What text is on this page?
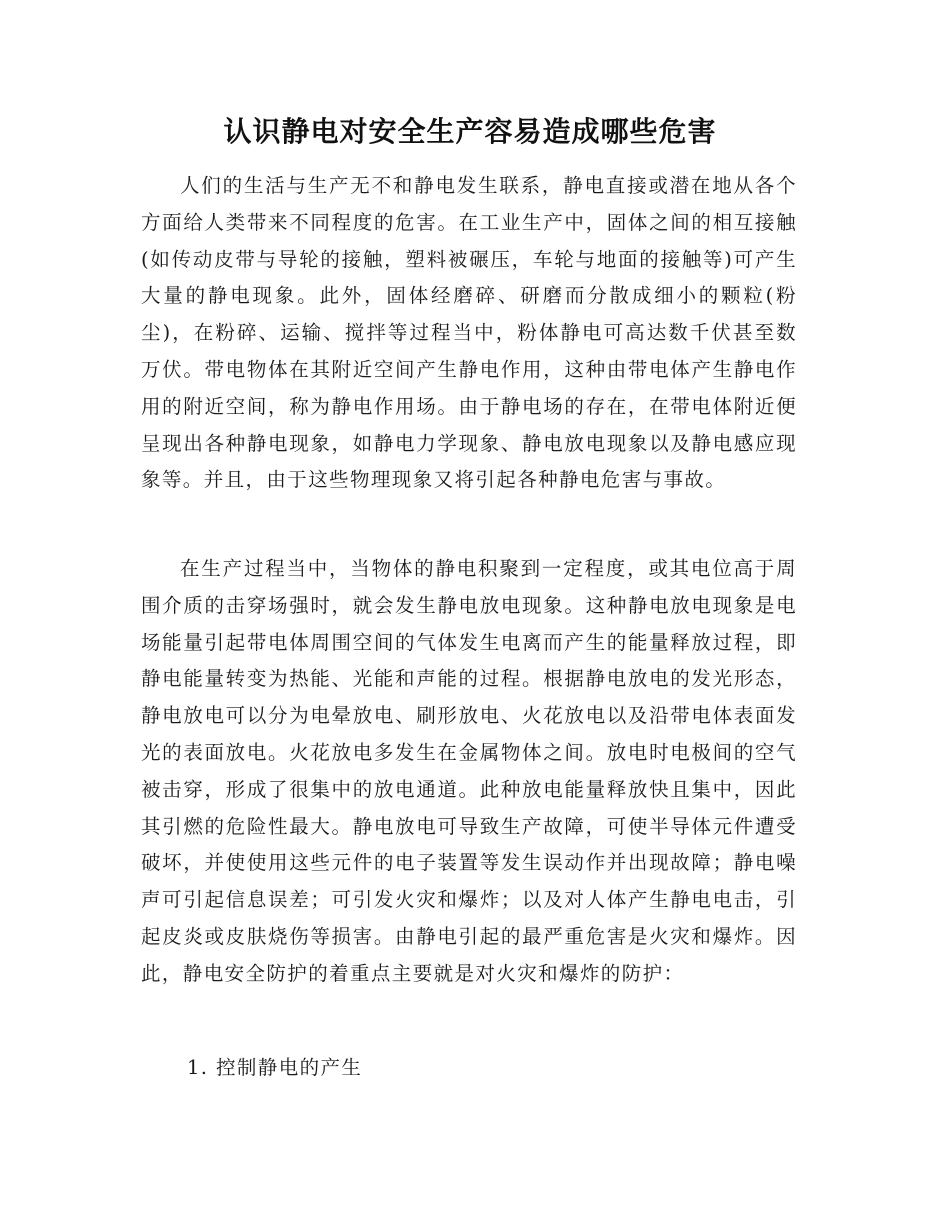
认识静电对安全生产容易造成哪些危害

人们的生活与生产无不和静电发生联系，静电直接或潜在地从各个方面给人类带来不同程度的危害。在工业生产中，固体之间的相互接触(如传动皮带与导轮的接触，塑料被碾压，车轮与地面的接触等)可产生大量的静电现象。此外，固体经磨碎、研磨而分散成细小的颗粒(粉尘)，在粉碎、运输、搅拌等过程当中，粉体静电可高达数千伏甚至数万伏。带电物体在其附近空间产生静电作用，这种由带电体产生静电作用的附近空间，称为静电作用场。由于静电场的存在，在带电体附近便呈现出各种静电现象，如静电力学现象、静电放电现象以及静电感应现象等。并且，由于这些物理现象又将引起各种静电危害与事故。

在生产过程当中，当物体的静电积聚到一定程度，或其电位高于周围介质的击穿场强时，就会发生静电放电现象。这种静电放电现象是电场能量引起带电体周围空间的气体发生电离而产生的能量释放过程，即静电能量转变为热能、光能和声能的过程。根据静电放电的发光形态，静电放电可以分为电晕放电、刷形放电、火花放电以及沿带电体表面发光的表面放电。火花放电多发生在金属物体之间。放电时电极间的空气被击穿，形成了很集中的放电通道。此种放电能量释放快且集中，因此其引燃的危险性最大。静电放电可导致生产故障，可使半导体元件遭受破坏，并使使用这些元件的电子装置等发生误动作并出现故障；静电噪声可引起信息误差；可引发火灾和爆炸；以及对人体产生静电电击，引起皮炎或皮肤烧伤等损害。由静电引起的最严重危害是火灾和爆炸。因此，静电安全防护的着重点主要就是对火灾和爆炸的防护：

1. 控制静电的产生
